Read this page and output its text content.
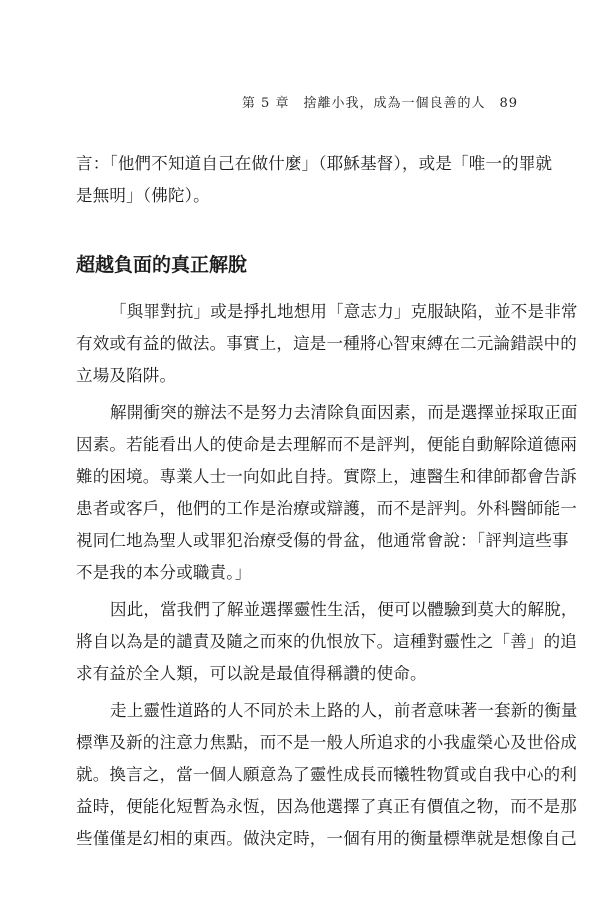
第 5 章　捨離小我，成為一個良善的人 89
言：「他們不知道自己在做什麼」（耶穌基督），或是「唯一的罪就
是無明」（佛陀）。
超越負面的真正解脫
「與罪對抗」或是掙扎地想用「意志力」克服缺陷，並不是非常
有效或有益的做法。事實上，這是一種將心智束縛在二元論錯誤中的
立場及陷阱。
解開衝突的辦法不是努力去清除負面因素，而是選擇並採取正面
因素。若能看出人的使命是去理解而不是評判，便能自動解除道德兩
難的困境。專業人士一向如此自持。實際上，連醫生和律師都會告訴
患者或客戶，他們的工作是治療或辯護，而不是評判。外科醫師能一
視同仁地為聖人或罪犯治療受傷的骨盆，他通常會說：「評判這些事
不是我的本分或職責。」
因此，當我們了解並選擇靈性生活，便可以體驗到莫大的解脫，
將自以為是的譴責及隨之而來的仇恨放下。這種對靈性之「善」的追
求有益於全人類，可以說是最值得稱讚的使命。
走上靈性道路的人不同於未上路的人，前者意味著一套新的衡量
標準及新的注意力焦點，而不是一般人所追求的小我虛榮心及世俗成
就。換言之，當一個人願意為了靈性成長而犧牲物質或自我中心的利
益時，便能化短暫為永恆，因為他選擇了真正有價值之物，而不是那
些僅僅是幻相的東西。做決定時，一個有用的衡量標準就是想像自己
